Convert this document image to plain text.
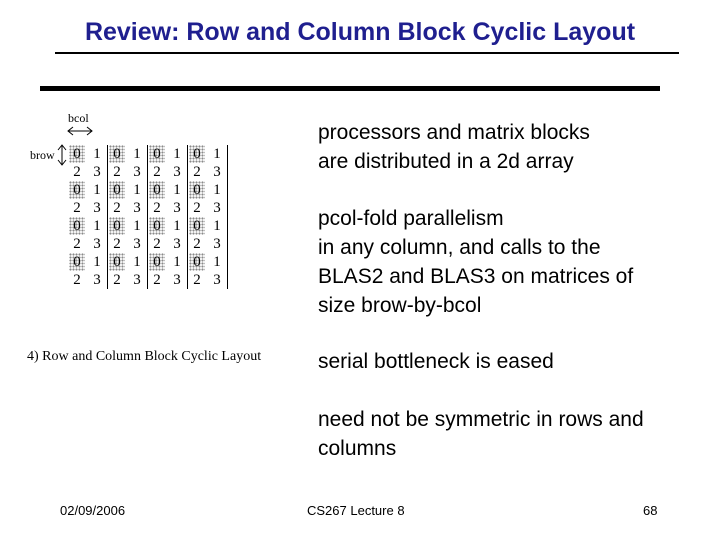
Review: Row and Column Block Cyclic Layout
bcol
brow 0 1 0 1 0 1 0 1
2 3 2 3 2 3 2 3
0 1 0 1 0 1 0 1
2 3 2 3 2 3 2 3
0 1 0 1 0 1 0 1
2 3 2 3 2 3 2 3
0 1 0 1 0 1 0 1
2 3 2 3 2 3 2 3
4) Row and Column Block Cyclic Layout
processors and matrix blocks
are distributed in a 2d array
pcol-fold parallelism
in any column, and calls to the
BLAS2 and BLAS3 on matrices of
size brow-by-bcol
serial bottleneck is eased
need not be symmetric in rows and
columns
02/09/2006	CS267 Lecture 8	68
